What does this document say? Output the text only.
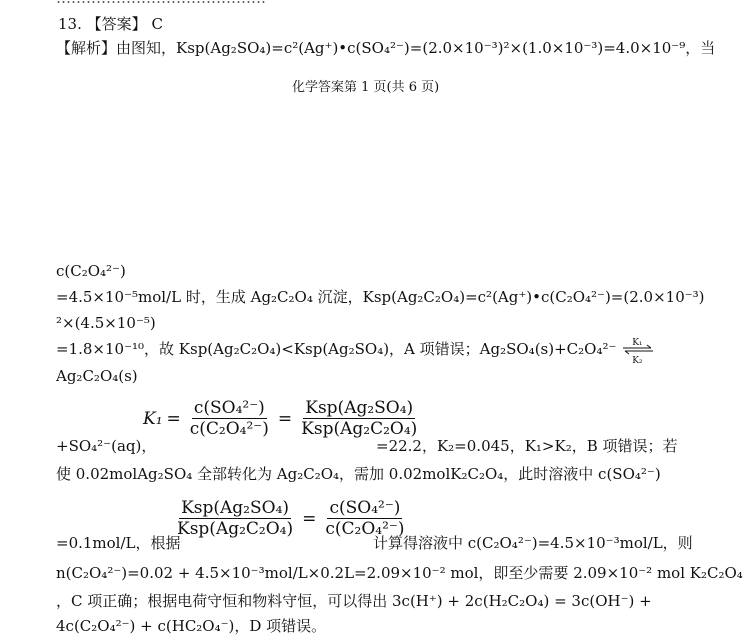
13. 【答案】 C
【解析】由图知，Ksp(Ag₂SO₄)=c²(Ag⁺)•c(SO₄²⁻)=(2.0×10⁻³)²×(1.0×10⁻³)=4.0×10⁻⁹，当
化学答案第 1 页(共 6 页)
c(C₂O₄²⁻)
=4.5×10⁻⁵mol/L 时，生成 Ag₂C₂O₄ 沉淀，Ksp(Ag₂C₂O₄)=c²(Ag⁺)•c(C₂O₄²⁻)=(2.0×10⁻³)
²×(4.5×10⁻⁵)
=1.8×10⁻¹⁰，故 Ksp(Ag₂C₂O₄)<Ksp(Ag₂SO₄)，A 项错误；Ag₂SO₄(s)+C₂O₄²⁻ K₁
K₂
Ag₂C₂O₄(s)
$K_1 = \frac{\text{c(SO₄²⁻)}}{\text{c(C₂O₄²⁻)}} = \frac{\text{Ksp(Ag₂SO₄)}}{\text{Ksp(Ag₂C₂O₄)}}$
+SO₄²⁻(aq)，	=22.2，K₂=0.045，K₁>K₂，B 项错误；若
使 0.02molAg₂SO₄ 全部转化为 Ag₂C₂O₄，需加 0.02molK₂C₂O₄，此时溶液中 c(SO₄²⁻)
$\frac{\text{Ksp(Ag₂SO₄)}}{\text{Ksp(Ag₂C₂O₄)}} = \frac{\text{c(SO₄²⁻)}}{\text{c(C₂O₄²⁻)}}$
=0.1mol/L，根据	计算得溶液中 c(C₂O₄²⁻)=4.5×10⁻³mol/L，则
n(C₂O₄²⁻)=0.02 + 4.5×10⁻³mol/L×0.2L=2.09×10⁻² mol，即至少需要 2.09×10⁻² mol K₂C₂O₄
，C 项正确；根据电荷守恒和物料守恒，可以得出 3c(H⁺) + 2c(H₂C₂O₄) = 3c(OH⁻) +
4c(C₂O₄²⁻) + c(HC₂O₄⁻)，D 项错误。
